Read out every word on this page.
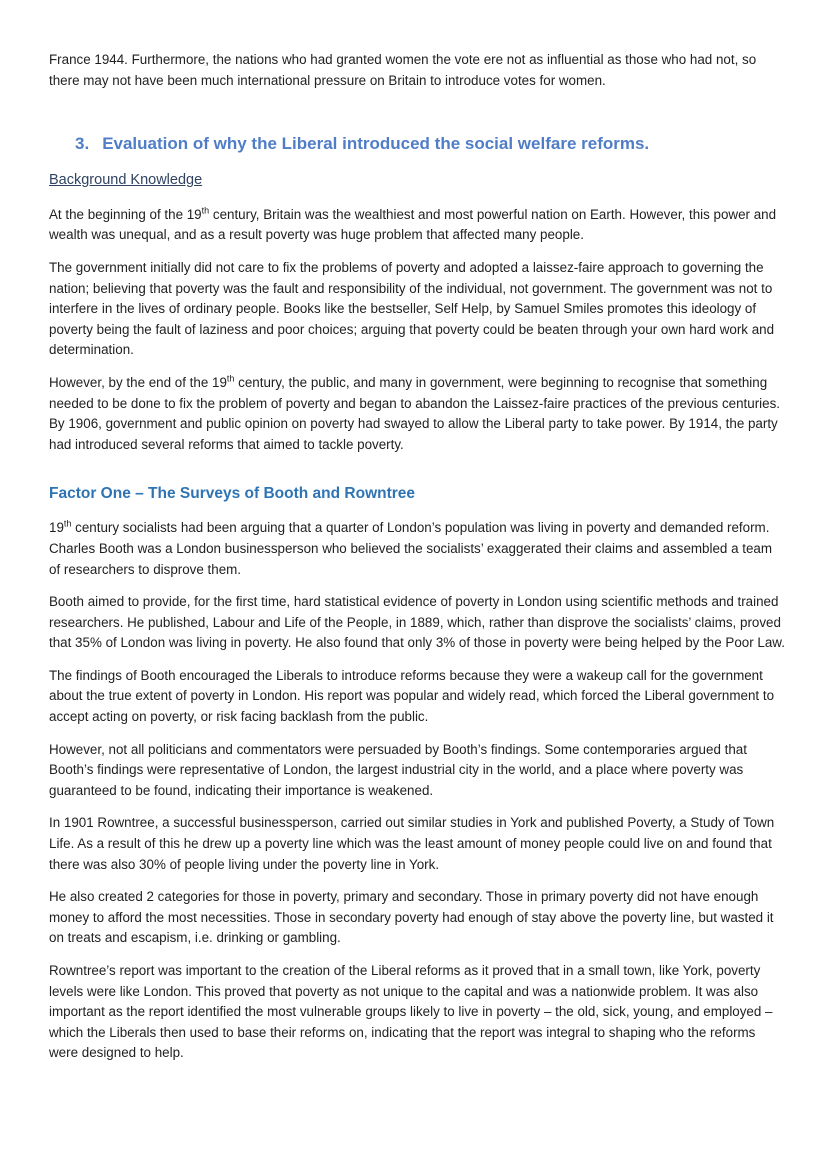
France 1944. Furthermore, the nations who had granted women the vote ere not as influential as those who had not, so there may not have been much international pressure on Britain to introduce votes for women.

3. Evaluation of why the Liberal introduced the social welfare reforms.

Background Knowledge

At the beginning of the 19th century, Britain was the wealthiest and most powerful nation on Earth. However, this power and wealth was unequal, and as a result poverty was huge problem that affected many people.

The government initially did not care to fix the problems of poverty and adopted a laissez-faire approach to governing the nation; believing that poverty was the fault and responsibility of the individual, not government. The government was not to interfere in the lives of ordinary people. Books like the bestseller, Self Help, by Samuel Smiles promotes this ideology of poverty being the fault of laziness and poor choices; arguing that poverty could be beaten through your own hard work and determination.

However, by the end of the 19th century, the public, and many in government, were beginning to recognise that something needed to be done to fix the problem of poverty and began to abandon the Laissez-faire practices of the previous centuries. By 1906, government and public opinion on poverty had swayed to allow the Liberal party to take power. By 1914, the party had introduced several reforms that aimed to tackle poverty.

Factor One – The Surveys of Booth and Rowntree

19th century socialists had been arguing that a quarter of London’s population was living in poverty and demanded reform. Charles Booth was a London businessperson who believed the socialists’ exaggerated their claims and assembled a team of researchers to disprove them.

Booth aimed to provide, for the first time, hard statistical evidence of poverty in London using scientific methods and trained researchers. He published, Labour and Life of the People, in 1889, which, rather than disprove the socialists’ claims, proved that 35% of London was living in poverty. He also found that only 3% of those in poverty were being helped by the Poor Law.

The findings of Booth encouraged the Liberals to introduce reforms because they were a wakeup call for the government about the true extent of poverty in London. His report was popular and widely read, which forced the Liberal government to accept acting on poverty, or risk facing backlash from the public.

However, not all politicians and commentators were persuaded by Booth’s findings. Some contemporaries argued that Booth’s findings were representative of London, the largest industrial city in the world, and a place where poverty was guaranteed to be found, indicating their importance is weakened.

In 1901 Rowntree, a successful businessperson, carried out similar studies in York and published Poverty, a Study of Town Life. As a result of this he drew up a poverty line which was the least amount of money people could live on and found that there was also 30% of people living under the poverty line in York.

He also created 2 categories for those in poverty, primary and secondary. Those in primary poverty did not have enough money to afford the most necessities. Those in secondary poverty had enough of stay above the poverty line, but wasted it on treats and escapism, i.e. drinking or gambling.

Rowntree’s report was important to the creation of the Liberal reforms as it proved that in a small town, like York, poverty levels were like London. This proved that poverty as not unique to the capital and was a nationwide problem. It was also important as the report identified the most vulnerable groups likely to live in poverty – the old, sick, young, and employed – which the Liberals then used to base their reforms on, indicating that the report was integral to shaping who the reforms were designed to help.
